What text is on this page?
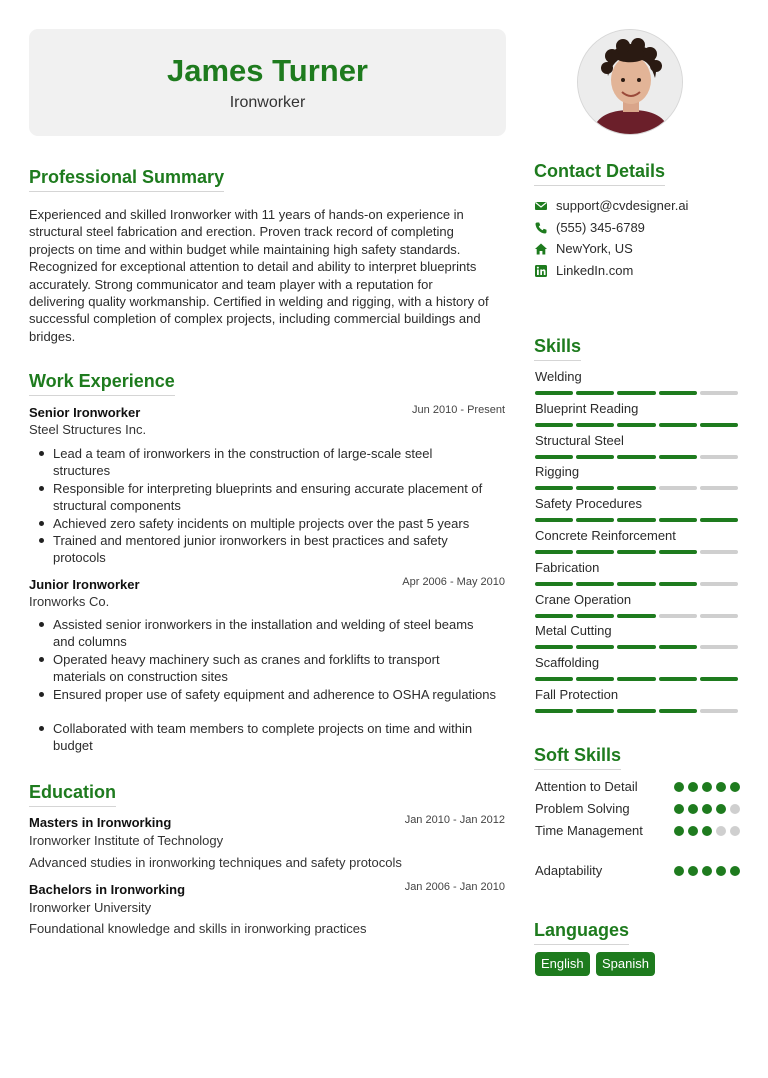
James Turner
Ironworker
Professional Summary
Experienced and skilled Ironworker with 11 years of hands-on experience in
structural steel fabrication and erection. Proven track record of completing
projects on time and within budget while maintaining high safety standards.
Recognized for exceptional attention to detail and ability to interpret blueprints
accurately. Strong communicator and team player with a reputation for
delivering quality workmanship. Certified in welding and rigging, with a history of
successful completion of complex projects, including commercial buildings and
bridges.
Work Experience
Senior Ironworker	Jun 2010 - Present
Steel Structures Inc.
Lead a team of ironworkers in the construction of large-scale steel
structures
Responsible for interpreting blueprints and ensuring accurate placement of
structural components
Achieved zero safety incidents on multiple projects over the past 5 years
Trained and mentored junior ironworkers in best practices and safety
protocols
Junior Ironworker	Apr 2006 - May 2010
Ironworks Co.
Assisted senior ironworkers in the installation and welding of steel beams
and columns
Operated heavy machinery such as cranes and forklifts to transport
materials on construction sites
Ensured proper use of safety equipment and adherence to OSHA regulations
Collaborated with team members to complete projects on time and within
budget
Education
Masters in Ironworking	Jan 2010 - Jan 2012
Ironworker Institute of Technology
Advanced studies in ironworking techniques and safety protocols
Bachelors in Ironworking	Jan 2006 - Jan 2010
Ironworker University
Foundational knowledge and skills in ironworking practices
Contact Details
support@cvdesigner.ai
(555) 345-6789
NewYork, US
LinkedIn.com
Skills
Welding
Blueprint Reading
Structural Steel
Rigging
Safety Procedures
Concrete Reinforcement
Fabrication
Crane Operation
Metal Cutting
Scaffolding
Fall Protection
Soft Skills
Attention to Detail
Problem Solving
Time Management
Adaptability
Languages
English	Spanish
